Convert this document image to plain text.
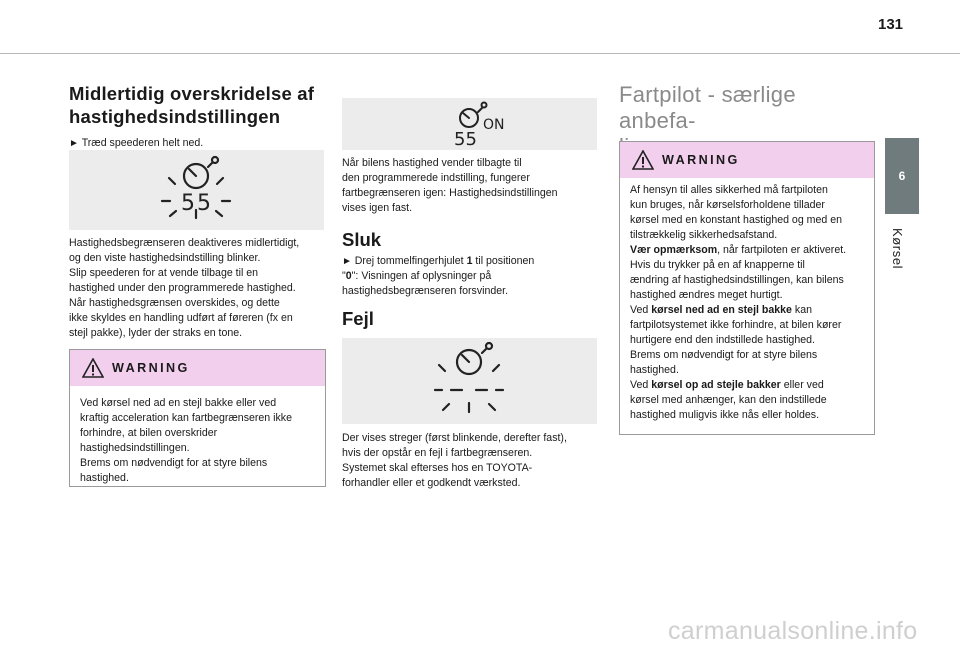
131
Midlertidig overskridelse af
hastighedsindstillingen

► Træd speederen helt ned.

55

Hastighedsbegrænseren deaktiveres midlertidigt,

og den viste hastighedsindstilling blinker.

Slip speederen for at vende tilbage til en

hastighed under den programmerede hastighed.

Når hastighedsgrænsen overskides, og dette

ikke skyldes en handling udført af føreren (fx en

stejl pakke), lyder der straks en tone.

WARNING

Ved kørsel ned ad en stejl bakke eller ved

kraftig acceleration kan fartbegrænseren ikke

forhindre, at bilen overskrider

hastighedsindstillingen.

Brems om nødvendigt for at styre bilens

hastighed.

55
ON

Når bilens hastighed vender tilbagte til

den programmerede indstilling, fungerer

fartbegrænseren igen: Hastighedsindstillingen

vises igen fast.

Sluk

► Drej tommelfingerhjulet 1 til positionen

"0": Visningen af oplysninger på

hastighedsbegrænseren forsvinder.

Fejl

Der vises streger (først blinkende, derefter fast),

hvis der opstår en fejl i fartbegrænseren.

Systemet skal efterses hos en TOYOTA-

forhandler eller et godkendt værksted.

Fartpilot - særlige anbefa-

WARNING

Af hensyn til alles sikkerhed må fartpiloten

kun bruges, når kørselsforholdene tillader

kørsel med en konstant hastighed og med en

tilstrækkelig sikkerhedsafstand.

Vær opmærksom, når fartpiloten er aktiveret.

Hvis du trykker på en af knapperne til

ændring af hastighedsindstillingen, kan bilens

hastighed ændres meget hurtigt.

Ved kørsel ned ad en stejl bakke kan

fartpilotsystemet ikke forhindre, at bilen kører

hurtigere end den indstillede hastighed.

Brems om nødvendigt for at styre bilens

hastighed.

Ved kørsel op ad stejle bakker eller ved

kørsel med anhænger, kan den indstillede

hastighed muligvis ikke nås eller holdes.

6
Kørsel
carmanualsonline.info
